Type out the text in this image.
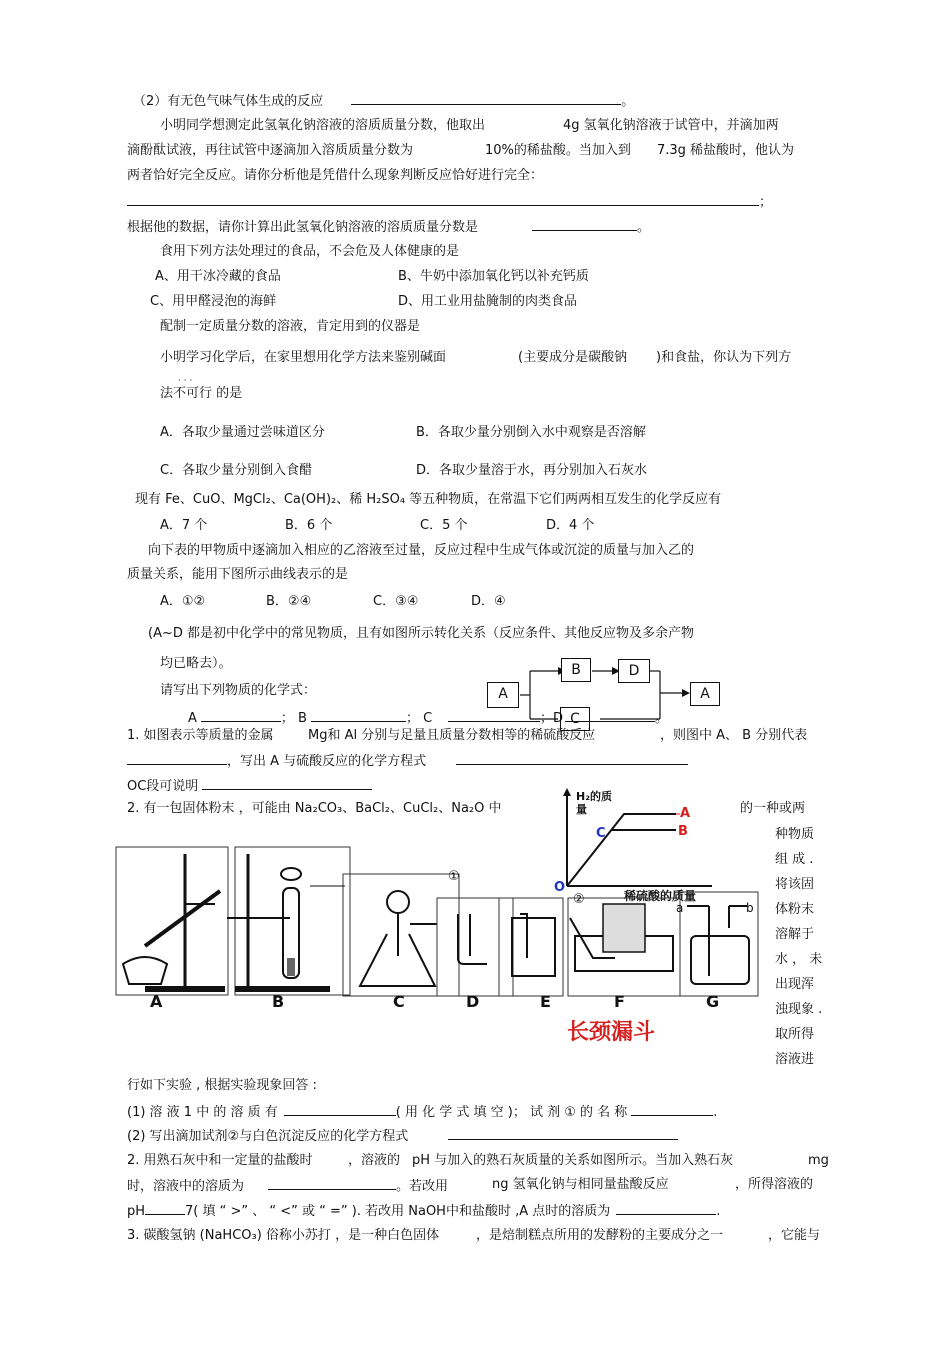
（2）有无色气味气体生成的反应	。
小明同学想测定此氢氧化钠溶液的溶质质量分数，他取出	4g 氢氧化钠溶液于试管中，并滴加两
滴酚酞试液，再往试管中逐滴加入溶质质量分数为	10%的稀盐酸。当加入到 7.3g 稀盐酸时，他认为
两者恰好完全反应。请你分析他是凭借什么现象判断反应恰好进行完全：
；
根据他的数据，请你计算出此氢氧化钠溶液的溶质质量分数是	。
食用下列方法处理过的食品，不会危及人体健康的是
A、用干冰冷藏的食品	B、牛奶中添加氧化钙以补充钙质
C、用甲醛浸泡的海鲜	D、用工业用盐腌制的肉类食品
配制一定质量分数的溶液，肯定用到的仪器是
小明学习化学后，在家里想用化学方法来鉴别碱面	(主要成分是碳酸钠 )和食盐，你认为下列方
· · ·
法不可行 的是
A．各取少量通过尝味道区分	B．各取少量分别倒入水中观察是否溶解
C．各取少量分别倒入食醋	D．各取少量溶于水，再分别加入石灰水
现有 Fe、CuO、MgCl₂、Ca(OH)₂、稀 H₂SO₄ 等五种物质，在常温下它们两两相互发生的化学反应有
A．7 个	B．6 个	C．5 个	D．4 个
向下表的甲物质中逐滴加入相应的乙溶液至过量，反应过程中生成气体或沉淀的质量与加入乙的
质量关系，能用下图所示曲线表示的是
A．①②	B．②④	C．③④	D．④
(A~D 都是初中化学中的常见物质，且有如图所示转化关系（反应条件、其他反应物及多余产物
均已略去）。
请写出下列物质的化学式：	A
B	D
C
A
A	； B	； C	；D	。
1. 如图表示等质量的金属	Mg和 Al 分别与足量且质量分数相等的稀硫酸反应	，则图中 A、 B 分别代表
，写出 A 与硫酸反应的化学方程式
OC段可说明
2. 有一包固体粉末 ，可能由 Na₂CO₃、BaCl₂、CuCl₂、Na₂O 中	的一种或两
H₂的质量	A
B
C
O
稀硫酸的质量
①
②
a	b
A	B	C	D	E	F	G
长颈漏斗
种物质
组 成 .
将该固
体粉末
溶解于
水 ， 未
出现浑
浊现象 .
取所得
溶液进
行如下实验 , 根据实验现象回答 :
(1) 溶 液 1 中 的 溶 质 有	( 用 化 学 式 填 空 )； 试 剂 ① 的 名 称	.
(2) 写出滴加试剂②与白色沉淀反应的化学方程式
2. 用熟石灰中和一定量的盐酸时	，溶液的 pH 与加入的熟石灰质量的关系如图所示。当加入熟石灰	mg
时，溶液中的溶质为	。若改用	ng 氢氧化钠与相同量盐酸反应	，所得溶液的
pH	7( 填 “ >” 、 “ <” 或 “ =” ). 若改用 NaOH中和盐酸时 ,A 点时的溶质为	.
3. 碳酸氢钠 (NaHCO₃) 俗称小苏打 ，是一种白色固体	，是焙制糕点所用的发酵粉的主要成分之一	，它能与
